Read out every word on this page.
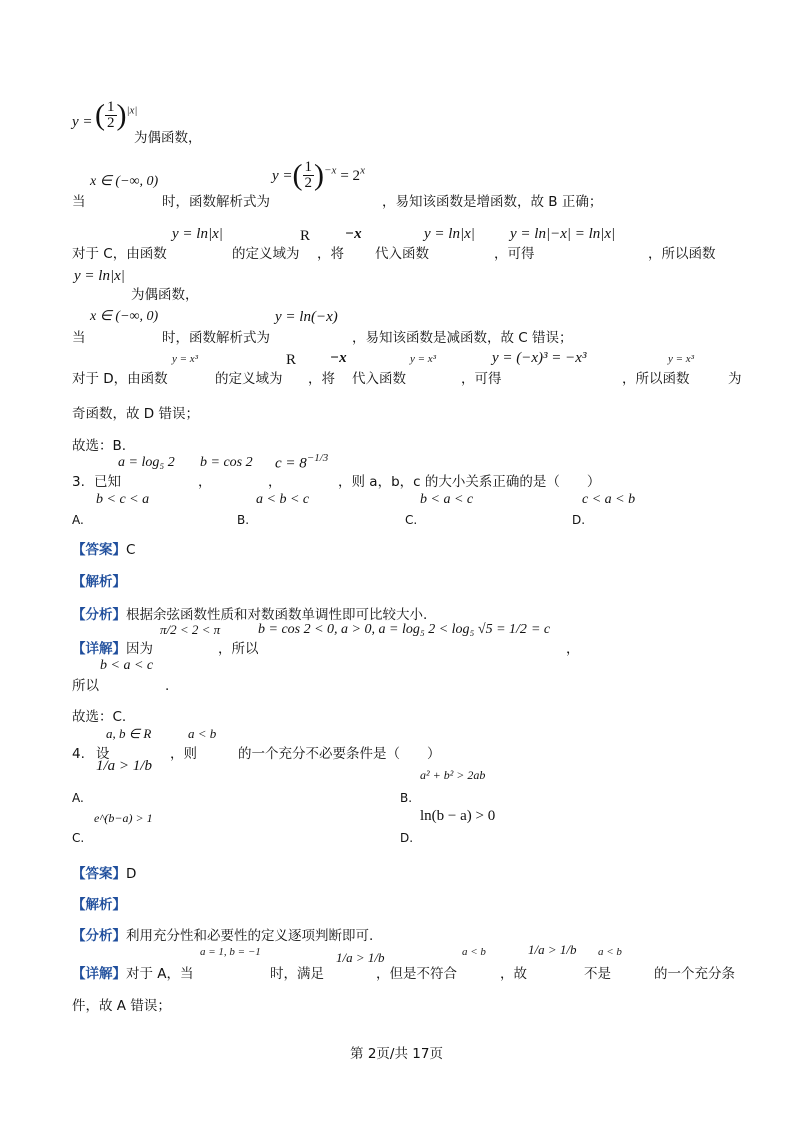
y = ( $\frac{1}{2} )^{|x|}$
为偶函数，
x ∈ (−∞, 0)	y =( $\frac{1}{2} )^{-x} = 2^x$
当	时，函数解析式为	，易知该函数是增函数，故 B 正确；
y = ln|x|	R −x	y = ln|x| y = ln|−x| = ln|x|
对于 C，由函数	的定义域为 ，将 代入函数	，可得	，所以函数
y = ln|x|
为偶函数，
x ∈ (−∞, 0)	y = ln(−x)
当	时，函数解析式为	，易知该函数是减函数，故 C 错误；
y = x³	R −x	y = x³	y = (−x)³ = −x³	y = x³
对于 D，由函数	的定义域为 ，将 代入函数	，可得	，所以函数	为
奇函数，故 D 错误；
故选：B.
a = log₅ 2 b = cos 2 $c = 8^{-1/3}$
3. 已知	，	，	，则 a，b，c 的大小关系正确的是（　　）
b < c < a	a < b < c	b < a < c	c < a < b
A.	B.	C.	D.
【答案】C
【解析】
【分析】根据余弦函数性质和对数函数单调性即可比较大小.
π/2 < 2 < π	b = cos 2 < 0, a > 0, a = log₅ 2 < log₅ √5 = 1/2 = c
【详解】因为	，所以	，
b < a < c
所以	.
故选：C.
a, b ∈ R	a < b
4. 设	，则	的一个充分不必要条件是（　　）
1/a > 1/b
a² + b² > 2ab
A.	B.
e^(b−a) > 1	ln(b − a) > 0
C.	D.
【答案】D
【解析】
【分析】利用充分性和必要性的定义逐项判断即可.
a = 1, b = −1	1/a > 1/b	a < b	1/a > 1/b a < b
【详解】对于 A，当	时，满足	，但是不符合	，故	不是	的一个充分条
件，故 A 错误；
第 2页/共 17页
